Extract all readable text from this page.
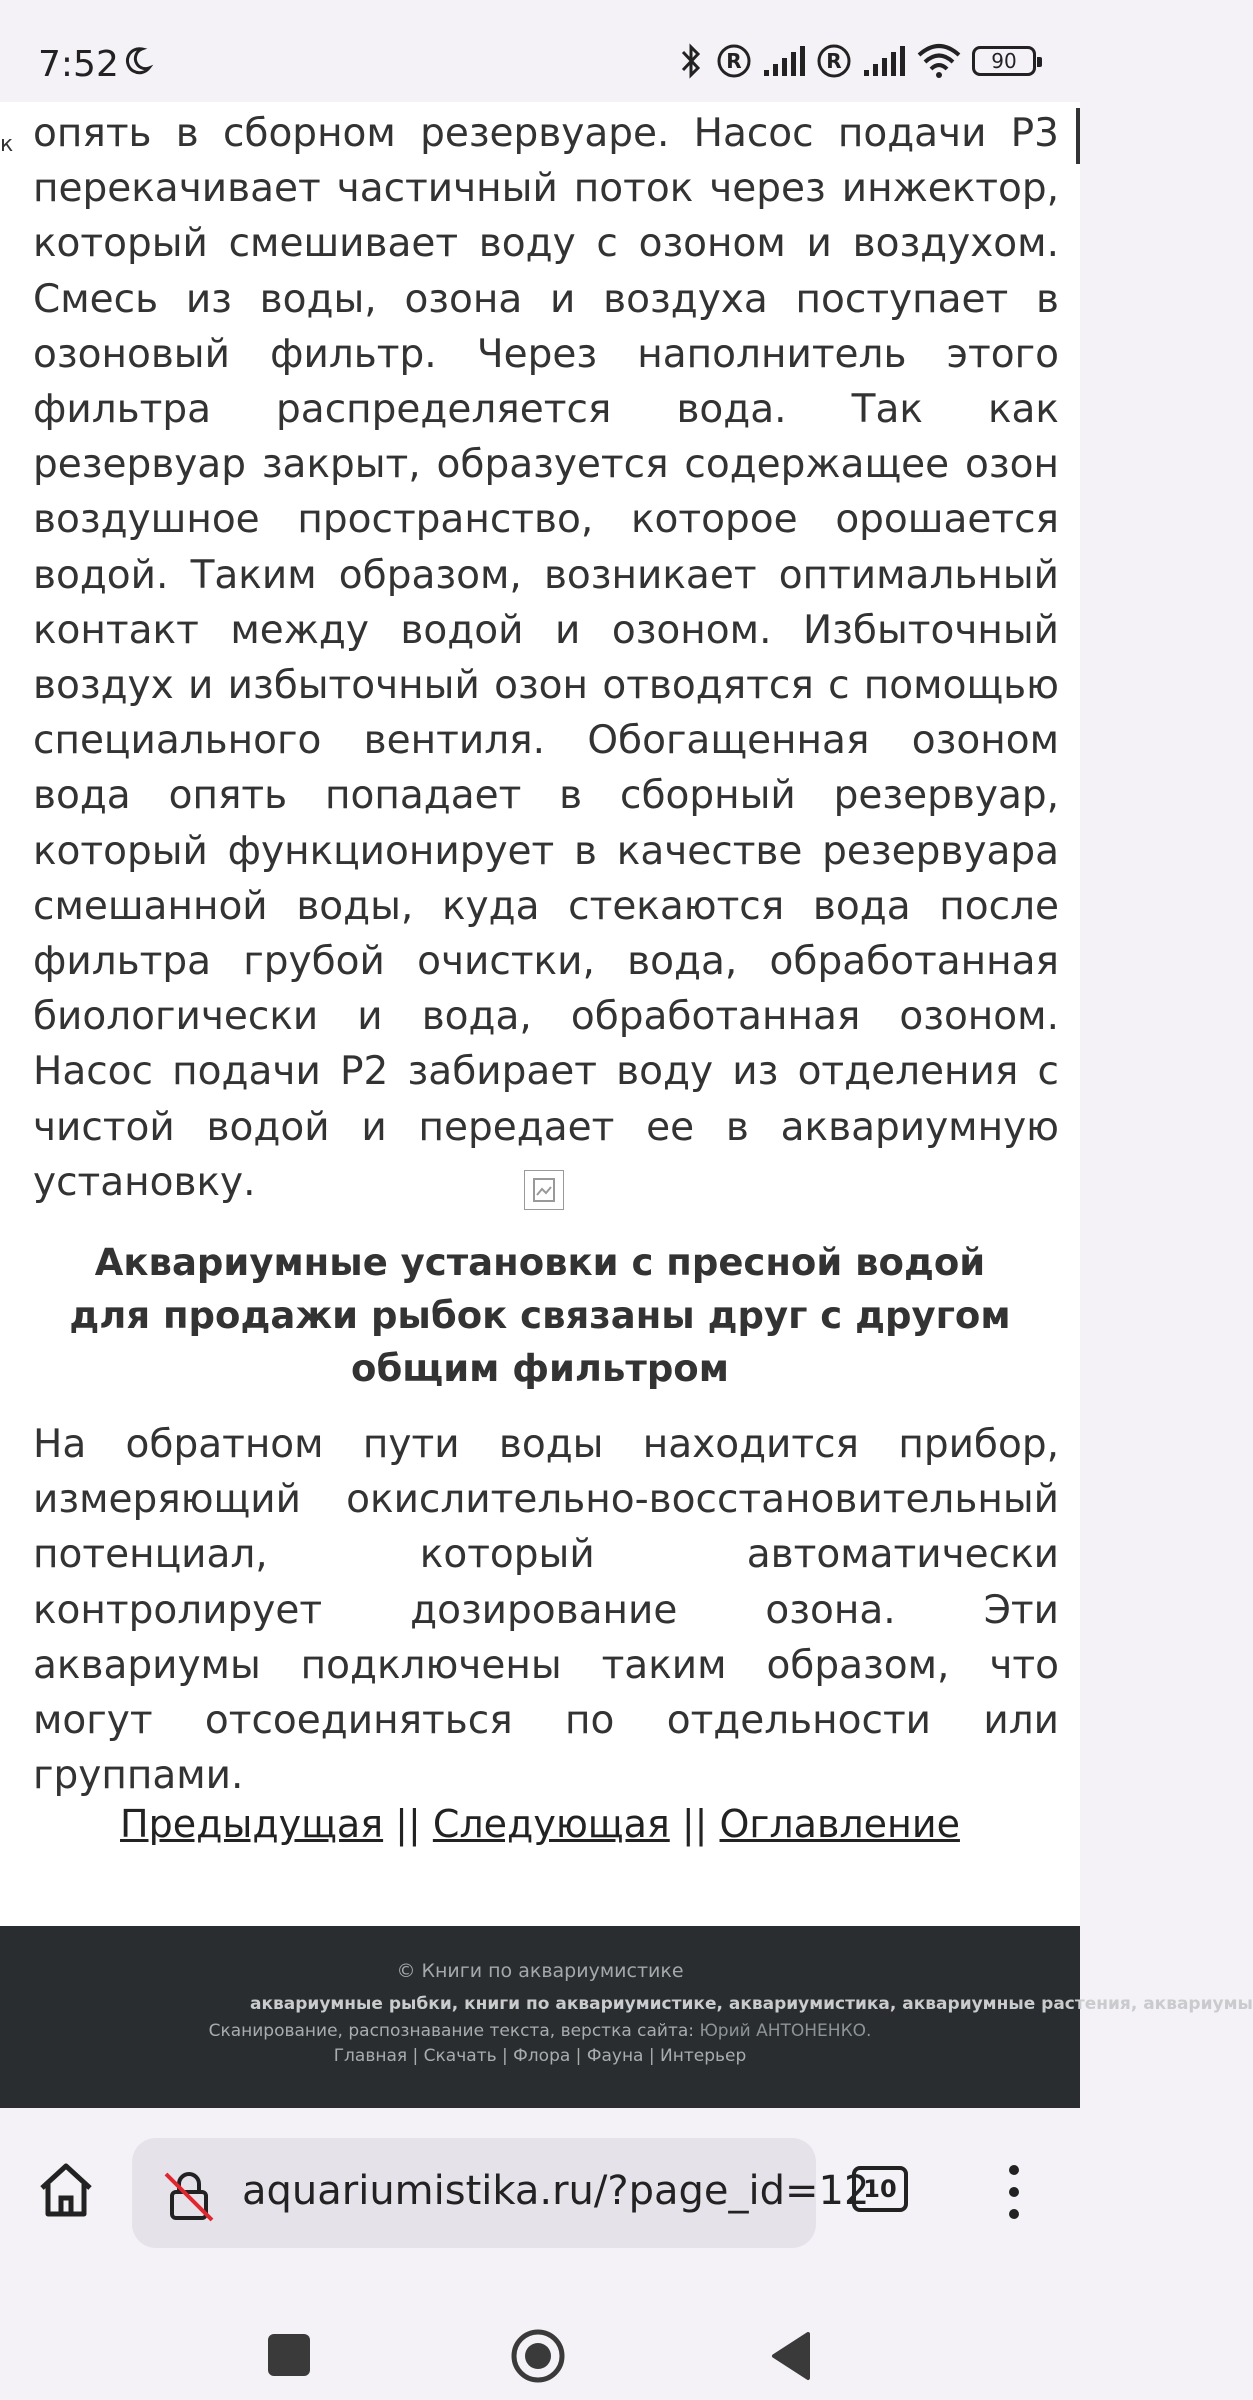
7:52	R	R	90
к опять в сборном резервуаре. Насос подачи P3 перекачивает частичный поток через инжектор, который смешивает воду с озоном и воздухом. Смесь из воды, озона и воздуха поступает в озоновый фильтр. Через наполнитель этого фильтра распределяется вода. Так как резервуар закрыт, образуется содержащее озон воздушное пространство, которое орошается водой. Таким образом, возникает оптимальный контакт между водой и озоном. Избыточный воздух и избыточный озон отводятся с помощью специального вентиля. Обогащенная озоном вода опять попадает в сборный резервуар, который функционирует в качестве резервуара смешанной воды, куда стекаются вода после фильтра грубой очистки, вода, обработанная биологически и вода, обработанная озоном. Насос подачи P2 забирает воду из отделения с чистой водой и передает ее в аквариумную установку.

Аквариумные установки с пресной водой для продажи рыбок связаны друг с другом общим фильтром

На обратном пути воды находится прибор, измеряющий окислительно-восстановительный потенциал, который автоматически контролирует дозирование озона. Эти аквариумы подключены таким образом, что могут отсоединяться по отдельности или группами.

Предыдущая || Следующая || Оглавление
© Книги по аквариумистике
аквариумные рыбки, книги по аквариумистике, аквариумистика, аквариумные растения, аквариумы
Сканирование, распознавание текста, верстка сайта: Юрий АНТОНЕНКО.
Главная | Скачать | Флора | Фауна | Интерьер
aquariumistika.ru/?page_id=12
10
